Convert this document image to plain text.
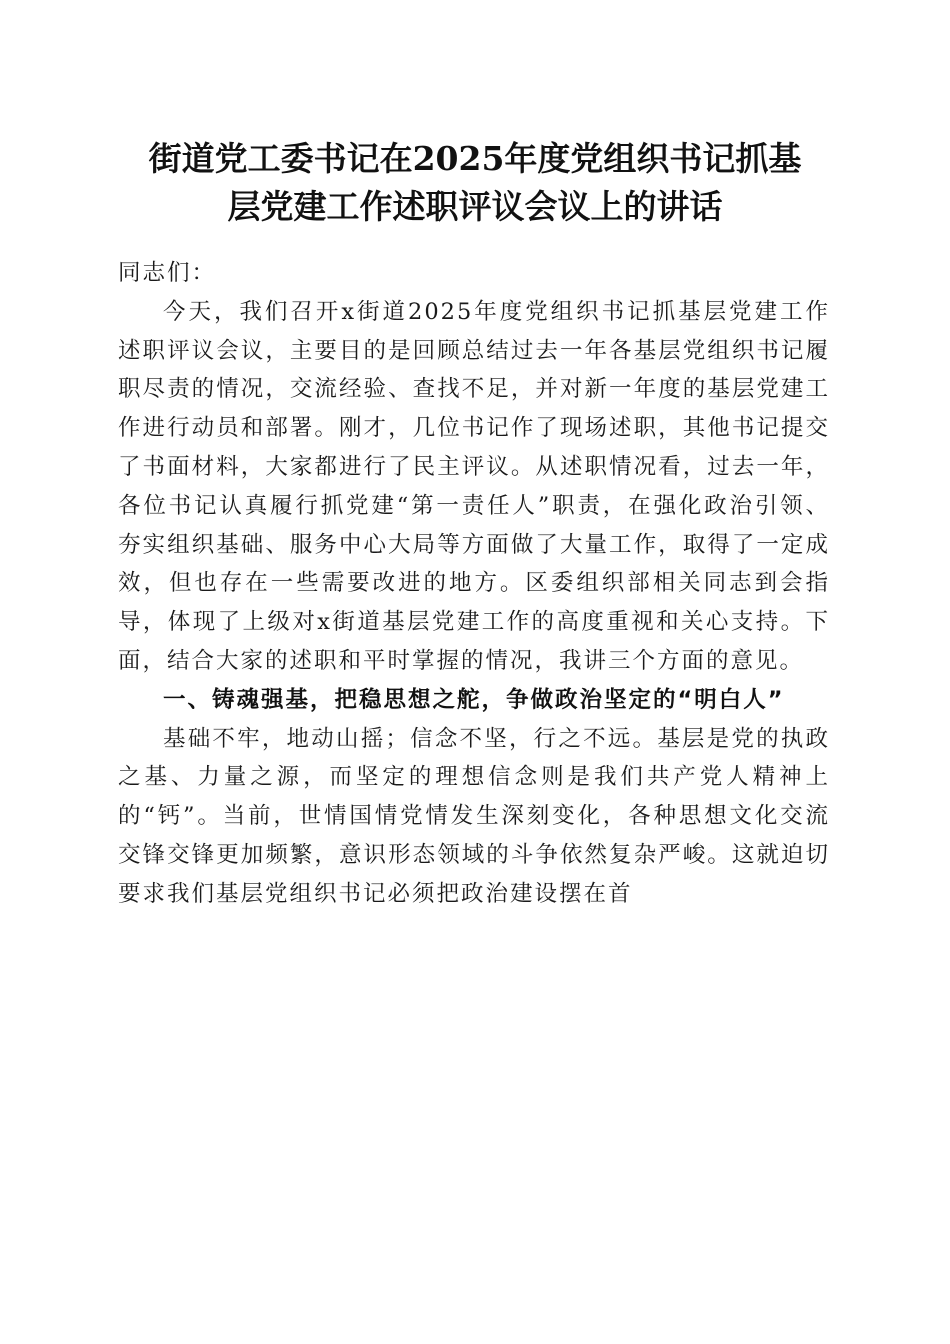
街道党工委书记在2025年度党组织书记抓基
层党建工作述职评议会议上的讲话

同志们：

今天，我们召开x街道2025年度党组织书记抓基层党建工作述职评议会议，主要目的是回顾总结过去一年各基层党组织书记履职尽责的情况，交流经验、查找不足，并对新一年度的基层党建工作进行动员和部署。刚才，几位书记作了现场述职，其他书记提交了书面材料，大家都进行了民主评议。从述职情况看，过去一年，各位书记认真履行抓党建“第一责任人”职责，在强化政治引领、夯实组织基础、服务中心大局等方面做了大量工作，取得了一定成效，但也存在一些需要改进的地方。区委组织部相关同志到会指导，体现了上级对x街道基层党建工作的高度重视和关心支持。下面，结合大家的述职和平时掌握的情况，我讲三个方面的意见。

一、铸魂强基，把稳思想之舵，争做政治坚定的“明白人”

基础不牢，地动山摇；信念不坚，行之不远。基层是党的执政之基、力量之源，而坚定的理想信念则是我们共产党人精神上的“钙”。当前，世情国情党情发生深刻变化，各种思想文化交流交锋交锋更加频繁，意识形态领域的斗争依然复杂严峻。这就迫切要求我们基层党组织书记必须把政治建设摆在首
